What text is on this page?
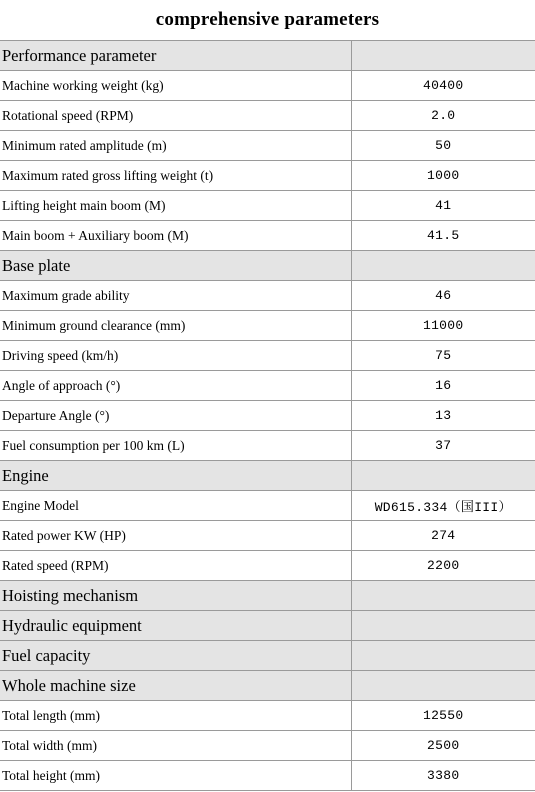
comprehensive parameters
Performance parameter	
Machine working weight (kg)	40400
Rotational speed (RPM)	2.0
Minimum rated amplitude (m)	50
Maximum rated gross lifting weight (t)	1000
Lifting height main boom (M)	41
Main boom + Auxiliary boom (M)	41.5
Base plate	
Maximum grade ability	46
Minimum ground clearance (mm)	11000
Driving speed (km/h)	75
Angle of approach (°)	16
Departure Angle (°)	13
Fuel consumption per 100 km (L)	37
Engine	
Engine Model	WD615.334（国III）
Rated power KW (HP)	274
Rated speed (RPM)	2200
Hoisting mechanism	
Hydraulic equipment	
Fuel capacity	
Whole machine size	
Total length (mm)	12550
Total width (mm)	2500
Total height (mm)	3380
